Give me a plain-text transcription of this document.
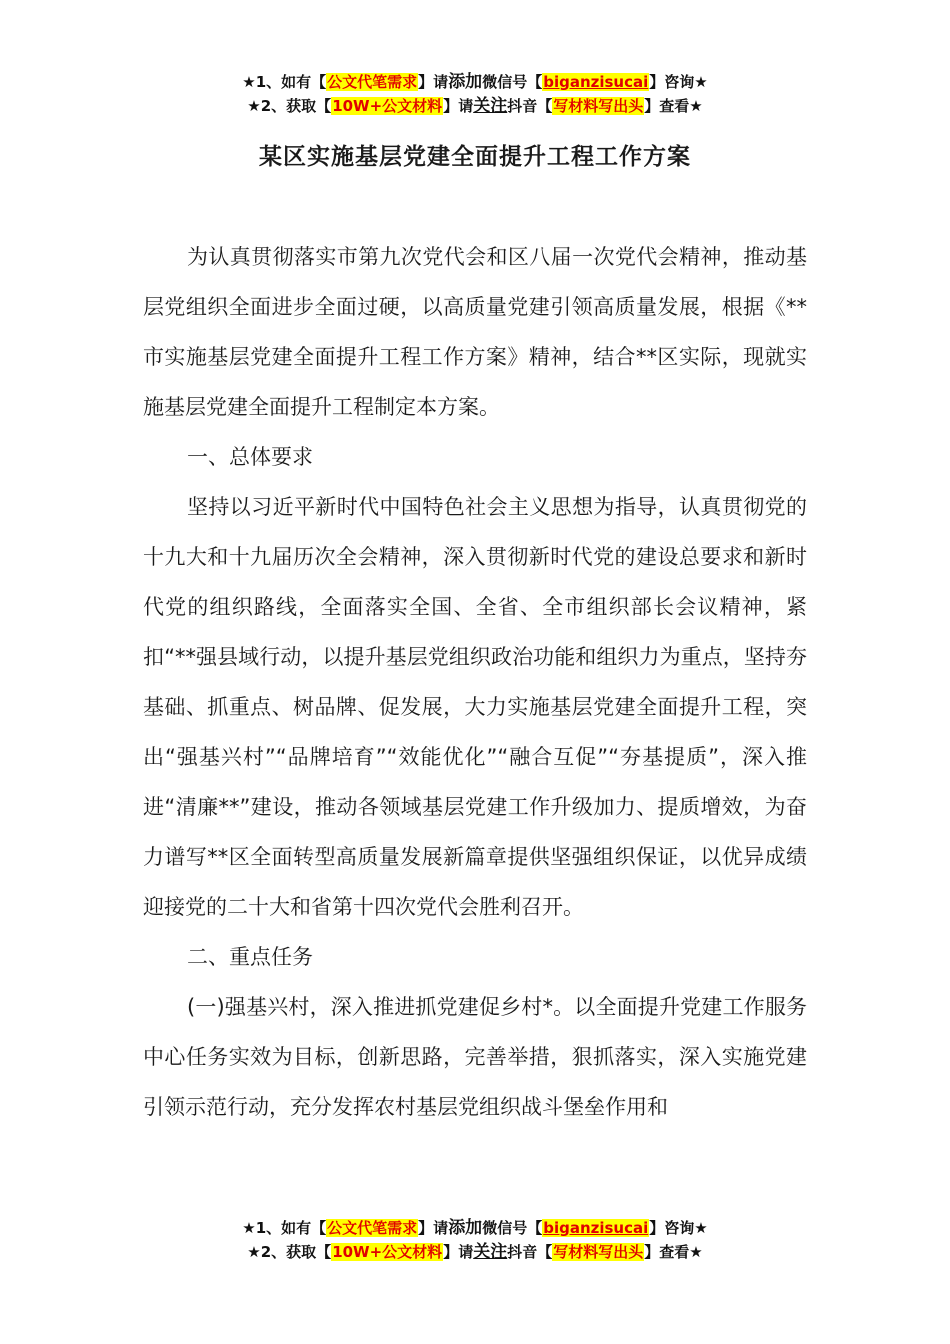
★1、如有【公文代笔需求】请添加微信号【biganzisucai】咨询★
★2、获取【10W+公文材料】请关注抖音【写材料写出头】查看★
某区实施基层党建全面提升工程工作方案

为认真贯彻落实市第九次党代会和区八届一次党代会精神，推动基层党组织全面进步全面过硬，以高质量党建引领高质量发展，根据《**市实施基层党建全面提升工程工作方案》精神，结合**区实际，现就实施基层党建全面提升工程制定本方案。

一、总体要求

坚持以习近平新时代中国特色社会主义思想为指导，认真贯彻党的十九大和十九届历次全会精神，深入贯彻新时代党的建设总要求和新时代党的组织路线，全面落实全国、全省、全市组织部长会议精神，紧扣“**强县域行动，以提升基层党组织政治功能和组织力为重点，坚持夯基础、抓重点、树品牌、促发展，大力实施基层党建全面提升工程，突出“强基兴村”“品牌培育”“效能优化”“融合互促”“夯基提质”，深入推进“清廉**”建设，推动各领域基层党建工作升级加力、提质增效，为奋力谱写**区全面转型高质量发展新篇章提供坚强组织保证，以优异成绩迎接党的二十大和省第十四次党代会胜利召开。

二、重点任务

(一)强基兴村，深入推进抓党建促乡村*。以全面提升党建工作服务中心任务实效为目标，创新思路，完善举措，狠抓落实，深入实施党建引领示范行动，充分发挥农村基层党组织战斗堡垒作用和

★1、如有【公文代笔需求】请添加微信号【biganzisucai】咨询★
★2、获取【10W+公文材料】请关注抖音【写材料写出头】查看★
